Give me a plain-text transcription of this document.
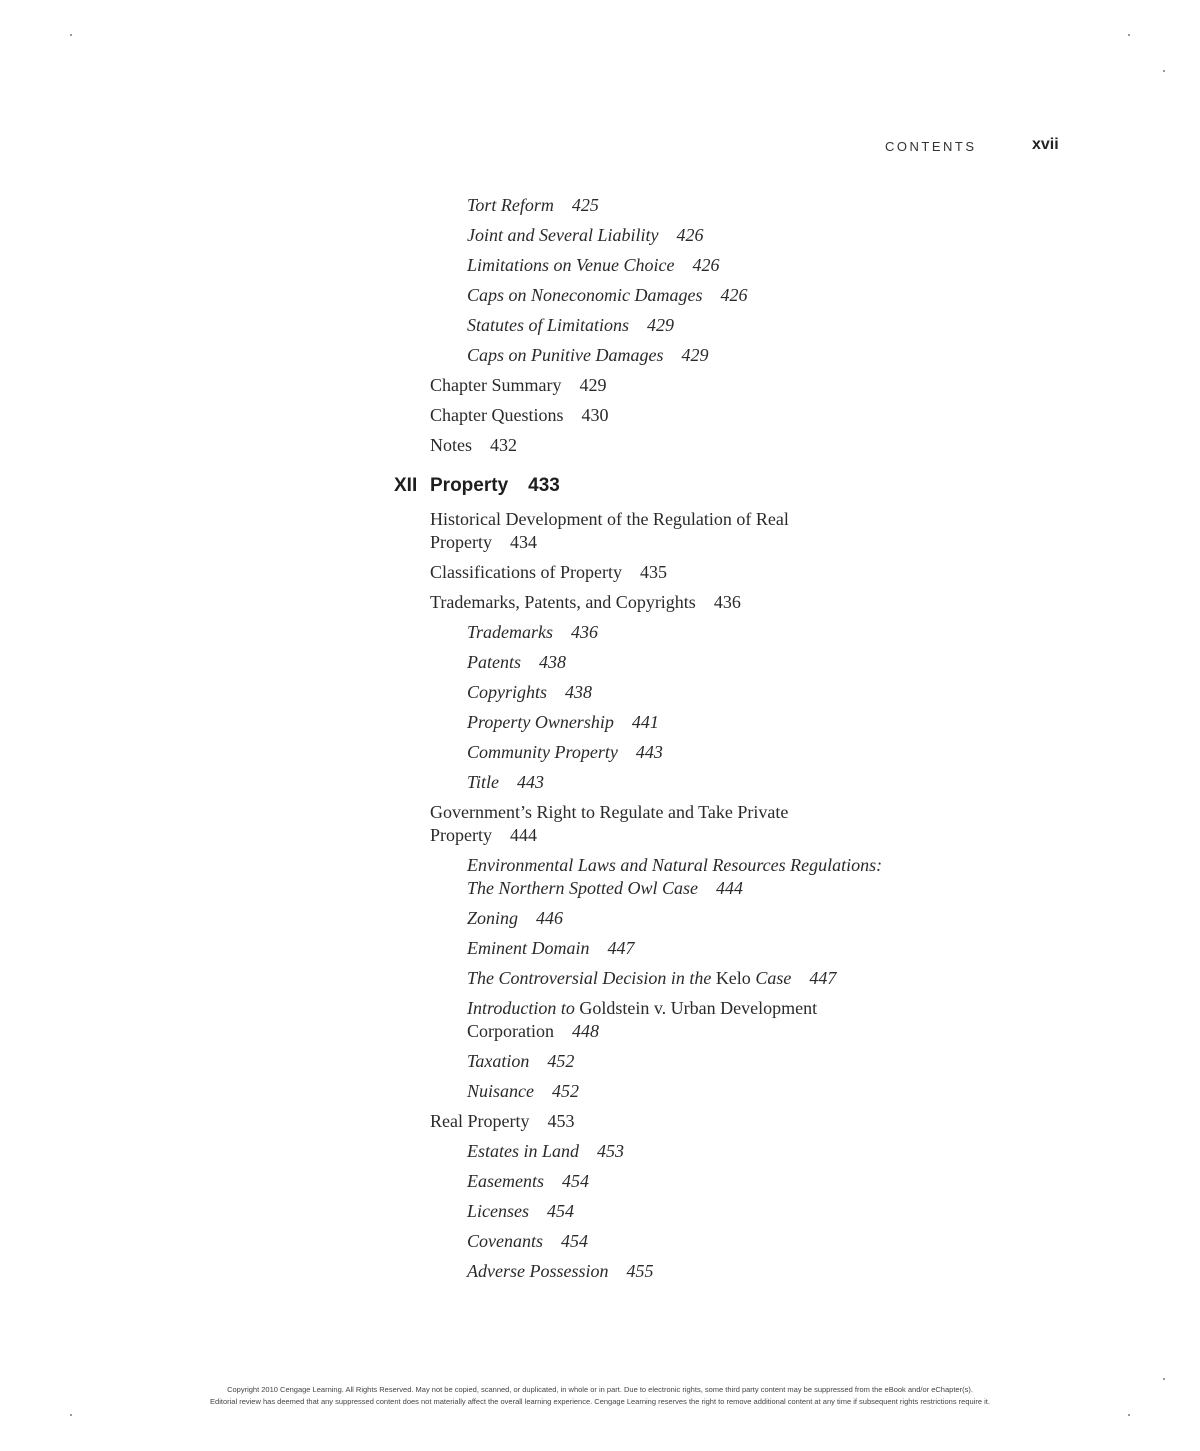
CONTENTS	xvii
Tort Reform 425
Joint and Several Liability 426
Limitations on Venue Choice 426
Caps on Noneconomic Damages 426
Statutes of Limitations 429
Caps on Punitive Damages 429
Chapter Summary 429
Chapter Questions 430
Notes 432
XII Property 433
Historical Development of the Regulation of Real Property 434
Classifications of Property 435
Trademarks, Patents, and Copyrights 436
Trademarks 436
Patents 438
Copyrights 438
Property Ownership 441
Community Property 443
Title 443
Government’s Right to Regulate and Take Private Property 444
Environmental Laws and Natural Resources Regulations: The Northern Spotted Owl Case 444
Zoning 446
Eminent Domain 447
The Controversial Decision in the Kelo Case 447
Introduction to Goldstein v. Urban Development Corporation 448
Taxation 452
Nuisance 452
Real Property 453
Estates in Land 453
Easements 454
Licenses 454
Covenants 454
Adverse Possession 455
Copyright 2010 Cengage Learning. All Rights Reserved. May not be copied, scanned, or duplicated, in whole or in part. Due to electronic rights, some third party content may be suppressed from the eBook and/or eChapter(s).
Editorial review has deemed that any suppressed content does not materially affect the overall learning experience. Cengage Learning reserves the right to remove additional content at any time if subsequent rights restrictions require it.
